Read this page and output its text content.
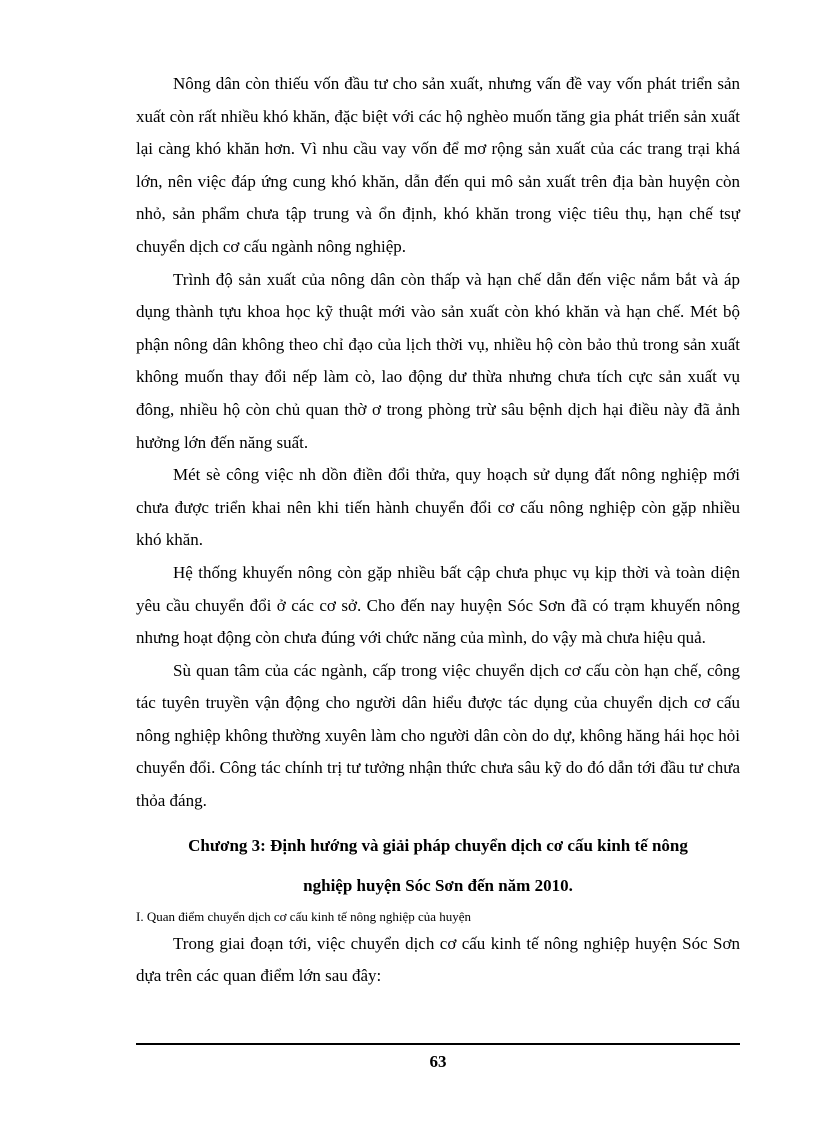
Nông dân còn thiếu vốn đầu tư cho sản xuất, nhưng vấn đề vay vốn phát triển sản xuất còn rất nhiều khó khăn, đặc biệt với các hộ nghèo muốn tăng gia phát triển sản xuất lại càng khó khăn hơn. Vì nhu cầu vay vốn để mơ rộng sản xuất của các trang trại khá lớn, nên việc đáp ứng cung khó khăn, dẫn đến qui mô sản xuất trên địa bàn huyện còn nhỏ, sản phẩm chưa tập trung và ổn định, khó khăn trong việc tiêu thụ, hạn chế tsự chuyển dịch cơ cấu ngành nông nghiệp.

Trình độ sản xuất của nông dân còn thấp và hạn chế dẫn đến việc nắm bắt và áp dụng thành tựu khoa học kỹ thuật mới vào sản xuất còn khó khăn và hạn chế. Mét bộ phận nông dân không theo chỉ đạo của lịch thời vụ, nhiều hộ còn bảo thủ trong sản xuất không muốn thay đổi nếp làm cò, lao động dư thừa nhưng chưa tích cực sản xuất vụ đông, nhiều hộ còn chủ quan thờ ơ trong phòng trừ sâu bệnh dịch hại điều này đã ảnh hưởng lớn đến năng suất.

Mét sè công việc nh dồn điền đổi thửa, quy hoạch sử dụng đất nông nghiệp mới chưa được triển khai nên khi tiến hành chuyển đổi cơ cấu nông nghiệp còn gặp nhiều khó khăn.

Hệ thống khuyến nông còn gặp nhiều bất cập chưa phục vụ kịp thời và toàn diện yêu cầu chuyển đổi ở các cơ sở. Cho đến nay huyện Sóc Sơn đã có trạm khuyến nông nhưng hoạt động còn chưa đúng với chức năng của mình, do vậy mà chưa hiệu quả.

Sù quan tâm của các ngành, cấp trong việc chuyển dịch cơ cấu còn hạn chế, công tác tuyên truyền vận động cho người dân hiểu được tác dụng của chuyển dịch cơ cấu nông nghiệp không thường xuyên làm cho người dân còn do dự, không hăng hái học hỏi chuyển đổi. Công tác chính trị tư tưởng nhận thức chưa sâu kỹ do đó dẫn tới đầu tư chưa thỏa đáng.

Chương 3: Định hướng và giải pháp chuyển dịch cơ cấu kinh tế nông
nghiệp huyện Sóc Sơn đến năm 2010.

I. Quan điểm chuyển dịch cơ cấu kinh tế nông nghiệp của huyện

Trong giai đoạn tới, việc chuyển dịch cơ cấu kinh tế nông nghiệp huyện Sóc Sơn dựa trên các quan điểm lớn sau đây:

63
